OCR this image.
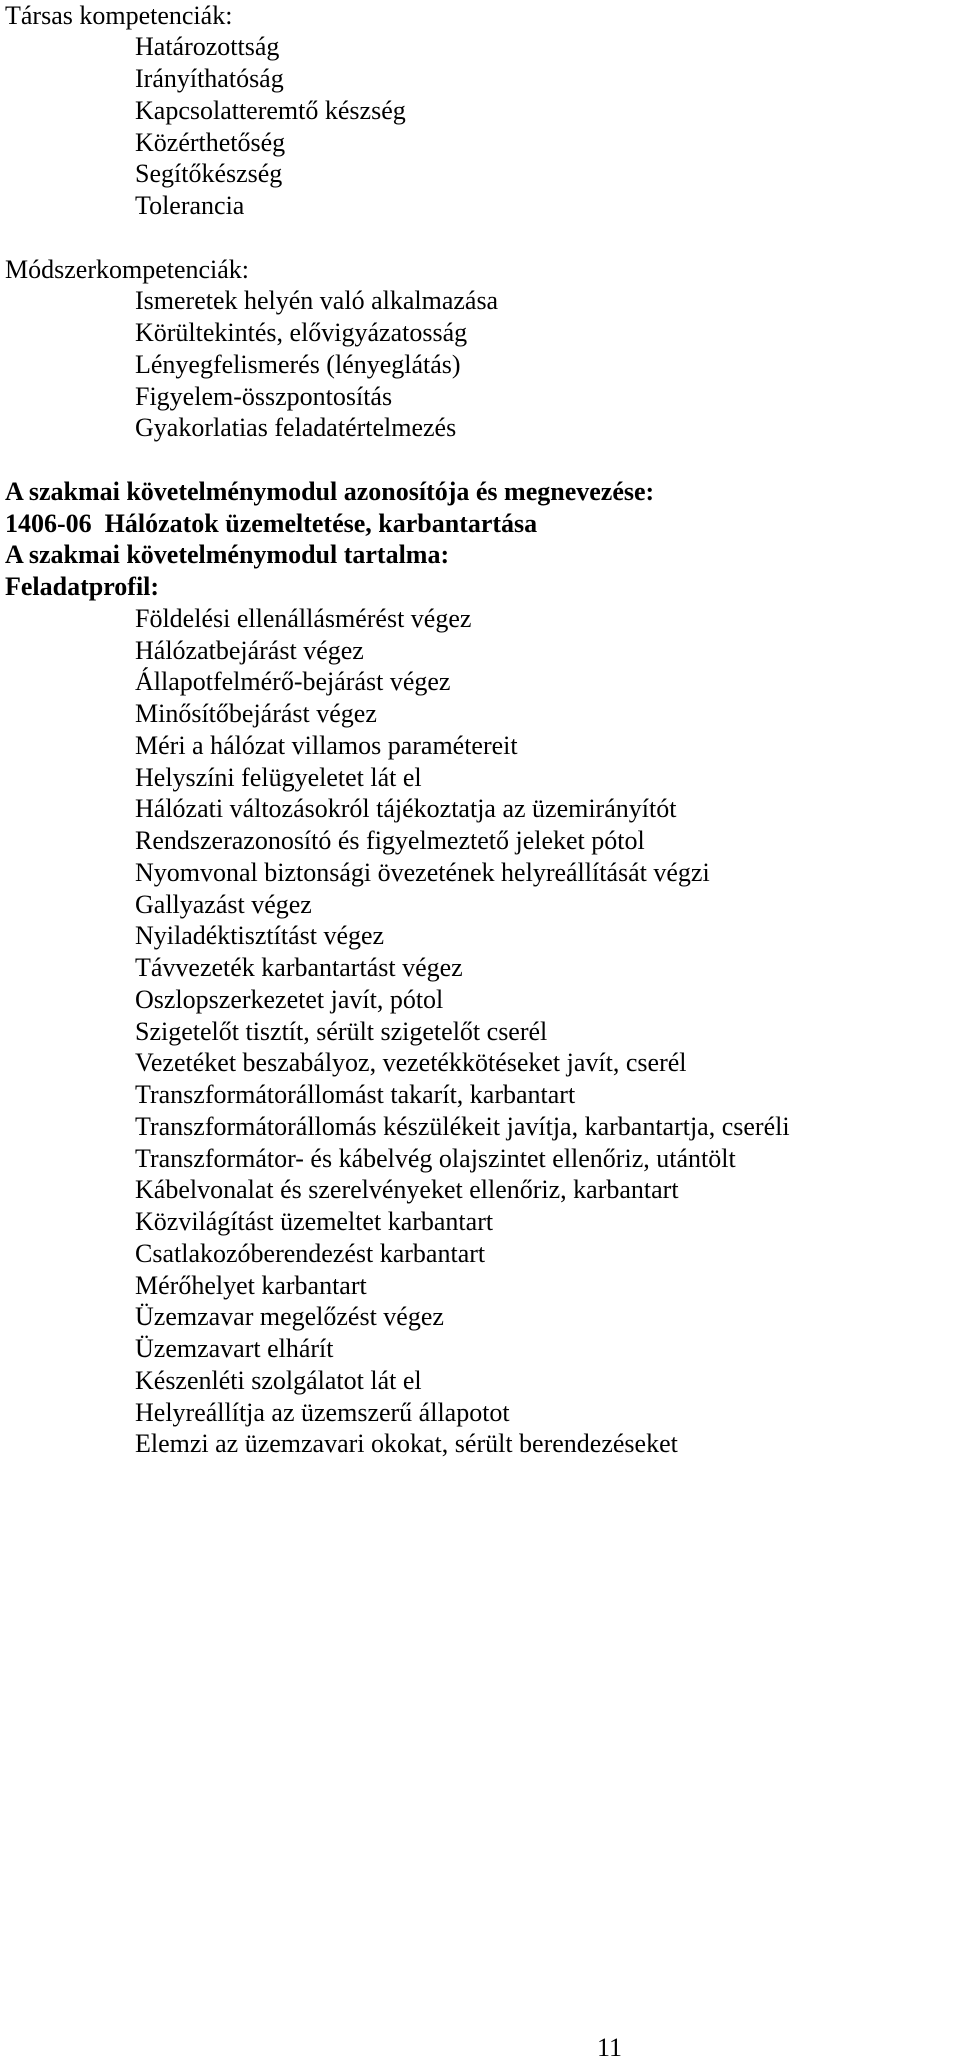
Társas kompetenciák:
Határozottság
Irányíthatóság
Kapcsolatteremtő készség
Közérthetőség
Segítőkészség
Tolerancia
Módszerkompetenciák:
Ismeretek helyén való alkalmazása
Körültekintés, elővigyázatosság
Lényegfelismerés (lényeglátás)
Figyelem-összpontosítás
Gyakorlatias feladatértelmezés
A szakmai követelménymodul azonosítója és megnevezése:
1406-06  Hálózatok üzemeltetése, karbantartása
A szakmai követelménymodul tartalma:
Feladatprofil:
Földelési ellenállásmérést végez
Hálózatbejárást végez
Állapotfelmérő-bejárást végez
Minősítőbejárást végez
Méri a hálózat villamos paramétereit
Helyszíni felügyeletet lát el
Hálózati változásokról tájékoztatja az üzemirányítót
Rendszerazonosító és figyelmeztető jeleket pótol
Nyomvonal biztonsági övezetének helyreállítását végzi
Gallyazást végez
Nyiladéktisztítást végez
Távvezeték karbantartást végez
Oszlopszerkezetet javít, pótol
Szigetelőt tisztít, sérült szigetelőt cserél
Vezetéket beszabályoz, vezetékkötéseket javít, cserél
Transzformátorállomást takarít, karbantart
Transzformátorállomás készülékeit javítja, karbantartja, cseréli
Transzformátor- és kábelvég olajszintet ellenőriz, utántölt
Kábelvonalat és szerelvényeket ellenőriz, karbantart
Közvilágítást üzemeltet karbantart
Csatlakozóberendezést karbantart
Mérőhelyet karbantart
Üzemzavar megelőzést végez
Üzemzavart elhárít
Készenléti szolgálatot lát el
Helyreállítja az üzemszerű állapotot
Elemzi az üzemzavari okokat, sérült berendezéseket
11
